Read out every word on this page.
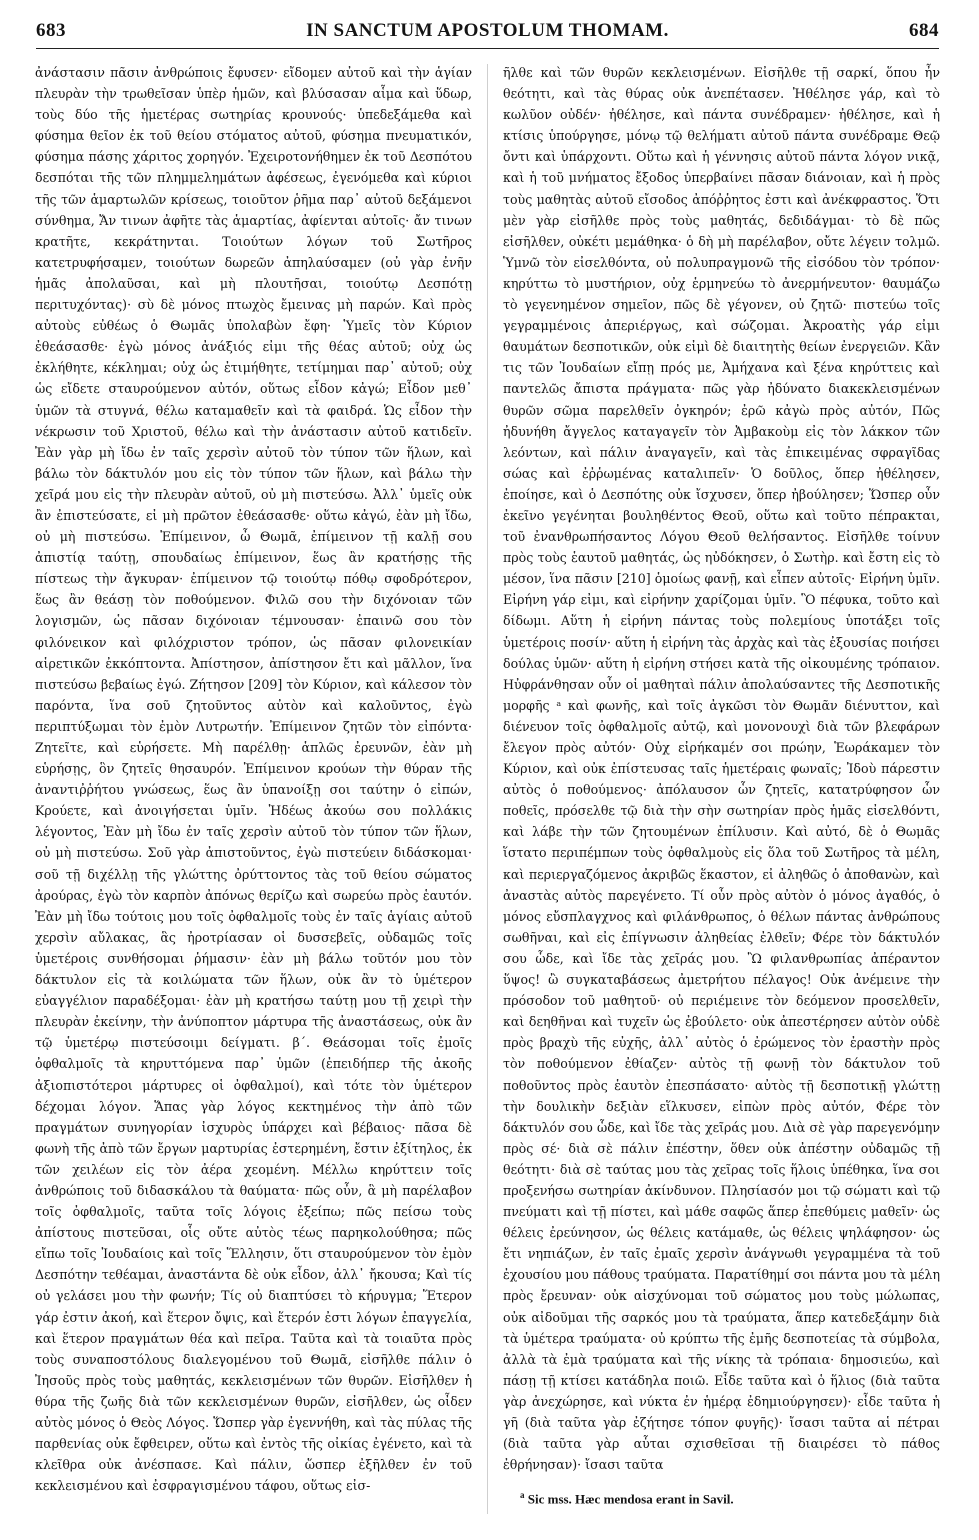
683	IN SANCTUM APOSTOLUM THOMAM.	684

ἀνάστασιν πᾶσιν ἀνθρώποις ἔφυσεν· εἴδομεν αὐτοῦ καὶ τὴν ἁγίαν πλευρὰν τὴν τρωθεῖσαν ὑπὲρ ἡμῶν, καὶ βλύσασαν αἷμα καὶ ὕδωρ, τοὺς δύο τῆς ἡμετέρας σωτηρίας κρουνούς· ὑπεδεξάμεθα καὶ φύσημα θεῖον ἐκ τοῦ θείου στόματος αὐτοῦ, φύσημα πνευματικόν, φύσημα πάσης χάριτος χορηγόν. Ἐχειροτονήθημεν ἐκ τοῦ Δεσπότου δεσπόται τῆς τῶν πλημμελημάτων ἀφέσεως, ἐγενόμεθα καὶ κύριοι τῆς τῶν ἁμαρτωλῶν κρίσεως, τοιοῦτον ῥῆμα παρ᾽ αὐτοῦ δεξάμενοι σύνθημα, Ἄν τινων ἀφῆτε τὰς ἁμαρτίας, ἀφίενται αὐτοῖς· ἄν τινων κρατῆτε, κεκράτηνται. Τοιούτων λόγων τοῦ Σωτῆρος κατετρυφήσαμεν, τοιούτων δωρεῶν ἀπηλαύσαμεν (οὐ γὰρ ἐνῆν ἡμᾶς ἀπολαῦσαι, καὶ μὴ πλουτῆσαι, τοιούτῳ Δεσπότῃ περιτυχόντας)· σὺ δὲ μόνος πτωχὸς ἔμεινας μὴ παρών. Καὶ πρὸς αὐτοὺς εὐθέως ὁ Θωμᾶς ὑπολαβὼν ἔφη· Ὑμεῖς τὸν Κύριον ἐθεάσασθε· ἐγὼ μόνος ἀνάξιός εἰμι τῆς θέας αὐτοῦ; οὐχ ὡς ἐκλήθητε, κέκλημαι; οὐχ ὡς ἐτιμήθητε, τετίμημαι παρ᾽ αὐτοῦ; οὐχ ὡς εἴδετε σταυρούμενον αὐτόν, οὕτως εἶδον κἀγώ; Εἶδον μεθ᾽ ὑμῶν τὰ στυγνά, θέλω καταμαθεῖν καὶ τὰ φαιδρά. Ὡς εἶδον τὴν νέκρωσιν τοῦ Χριστοῦ, θέλω καὶ τὴν ἀνάστασιν αὐτοῦ κατιδεῖν. Ἐὰν γὰρ μὴ ἴδω ἐν ταῖς χερσὶν αὐτοῦ τὸν τύπον τῶν ἥλων, καὶ βάλω τὸν δάκτυλόν μου εἰς τὸν τύπον τῶν ἥλων, καὶ βάλω τὴν χεῖρά μου εἰς τὴν πλευρὰν αὐτοῦ, οὐ μὴ πιστεύσω. Ἀλλ᾽ ὑμεῖς οὐκ ἂν ἐπιστεύσατε, εἰ μὴ πρῶτον ἐθεάσασθε· οὕτω κἀγώ, ἐὰν μὴ ἴδω, οὐ μὴ πιστεύσω. Ἐπίμεινον, ὦ Θωμᾶ, ἐπίμεινον τῇ καλῇ σου ἀπιστίᾳ ταύτῃ, σπουδαίως ἐπίμεινον, ἕως ἂν κρατήσῃς τῆς πίστεως τὴν ἄγκυραν· ἐπίμεινον τῷ τοιούτῳ πόθῳ σφοδρότερον, ἕως ἂν θεάσῃ τὸν ποθούμενον. Φιλῶ σου τὴν διχόνοιαν τῶν λογισμῶν, ὡς πᾶσαν διχόνοιαν τέμνουσαν· ἐπαινῶ σου τὸν φιλόνεικον καὶ φιλόχριστον τρόπον, ὡς πᾶσαν φιλονεικίαν αἱρετικῶν ἐκκόπτοντα. Ἀπίστησον, ἀπίστησον ἔτι καὶ μᾶλλον, ἵνα πιστεύσω βεβαίως ἐγώ. Ζήτησον [209] τὸν Κύριον, καὶ κάλεσον τὸν παρόντα, ἵνα σοῦ ζητοῦντος αὐτὸν καὶ καλοῦντος, ἐγὼ περιπτύξωμαι τὸν ἐμὸν Λυτρωτήν. Ἐπίμεινον ζητῶν τὸν εἰπόντα· Ζητεῖτε, καὶ εὑρήσετε. Μὴ παρέλθῃ· ἁπλῶς ἐρευνῶν, ἐὰν μὴ εὑρήσῃς, ὃν ζητεῖς θησαυρόν. Ἐπίμεινον κρούων τὴν θύραν τῆς ἀναντιῤῥήτου γνώσεως, ἕως ἂν ὑπανοίξῃ σοι ταύτην ὁ εἰπών, Κρούετε, καὶ ἀνοιγήσεται ὑμῖν. Ἠδέως ἀκούω σου πολλάκις λέγοντος, Ἐὰν μὴ ἴδω ἐν ταῖς χερσὶν αὐτοῦ τὸν τύπον τῶν ἥλων, οὐ μὴ πιστεύσω. Σοῦ γὰρ ἀπιστοῦντος, ἐγὼ πιστεύειν διδάσκομαι· σοῦ τῇ διχέλλῃ τῆς γλώττης ὀρύττοντος τὰς τοῦ θείου σώματος ἀρούρας, ἐγὼ τὸν καρπὸν ἀπόνως θερίζω καὶ σωρεύω πρὸς ἑαυτόν. Ἐὰν μὴ ἴδω τούτοις μου τοῖς ὀφθαλμοῖς τοὺς ἐν ταῖς ἁγίαις αὐτοῦ χερσὶν αὔλακας, ἃς ἠροτρίασαν οἱ δυσσεβεῖς, οὐδαμῶς τοῖς ὑμετέροις συνθήσομαι ῥήμασιν· ἐὰν μὴ βάλω τοῦτόν μου τὸν δάκτυλον εἰς τὰ κοιλώματα τῶν ἥλων, οὐκ ἂν τὸ ὑμέτερον εὐαγγέλιον παραδέξομαι· ἐὰν μὴ κρατήσω ταύτῃ μου τῇ χειρὶ τὴν πλευρὰν ἐκείνην, τὴν ἀνύποπτον μάρτυρα τῆς ἀναστάσεως, οὐκ ἂν τῷ ὑμετέρῳ πιστεύσοιμι δείγματι. β´. Θεάσομαι τοῖς ἐμοῖς ὀφθαλμοῖς τὰ κηρυττόμενα παρ᾽ ὑμῶν (ἐπειδήπερ τῆς ἀκοῆς ἀξιοπιστότεροι μάρτυρες οἱ ὀφθαλμοί), καὶ τότε τὸν ὑμέτερον δέχομαι λόγον. Ἅπας γὰρ λόγος κεκτημένος τὴν ἀπὸ τῶν πραγμάτων συνηγορίαν ἰσχυρὸς ὑπάρχει καὶ βέβαιος· πᾶσα δὲ φωνὴ τῆς ἀπὸ τῶν ἔργων μαρτυρίας ἐστερημένη, ἔστιν ἐξίτηλος, ἐκ τῶν χειλέων εἰς τὸν ἀέρα χεομένη. Μέλλω κηρύττειν τοῖς ἀνθρώποις τοῦ διδασκάλου τὰ θαύματα· πῶς οὖν, ἃ μὴ παρέλαβον τοῖς ὀφθαλμοῖς, ταῦτα τοῖς λόγοις ἐξείπω; πῶς πείσω τοὺς ἀπίστους πιστεῦσαι, οἷς οὔτε αὐτὸς τέως παρηκολούθησα; πῶς εἴπω τοῖς Ἰουδαίοις καὶ τοῖς Ἕλλησιν, ὅτι σταυρούμενον τὸν ἐμὸν Δεσπότην τεθέαμαι, ἀναστάντα δὲ οὐκ εἶδον, ἀλλ᾽ ἤκουσα; Καὶ τίς οὐ γελάσει μου τὴν φωνήν; Τίς οὐ διαπτύσει τὸ κήρυγμα; Ἕτερον γάρ ἐστιν ἀκοή, καὶ ἕτερον ὄψις, καὶ ἕτερόν ἐστι λόγων ἐπαγγελία, καὶ ἕτερον πραγμάτων θέα καὶ πεῖρα. Ταῦτα καὶ τὰ τοιαῦτα πρὸς τοὺς συναποστόλους διαλεγομένου τοῦ Θωμᾶ, εἰσῆλθε πάλιν ὁ Ἰησοῦς πρὸς τοὺς μαθητάς, κεκλεισμένων τῶν θυρῶν. Εἰσῆλθεν ἡ θύρα τῆς ζωῆς διὰ τῶν κεκλεισμένων θυρῶν, εἰσῆλθεν, ὡς οἶδεν αὐτὸς μόνος ὁ Θεὸς Λόγος. Ὥσπερ γὰρ ἐγεννήθη, καὶ τὰς πύλας τῆς παρθενίας οὐκ ἔφθειρεν, οὕτω καὶ ἐντὸς τῆς οἰκίας ἐγένετο, καὶ τὰ κλεῖθρα οὐκ ἀνέσπασε. Καὶ πάλιν, ὥσπερ ἐξῆλθεν ἐν τοῦ κεκλεισμένου καὶ ἐσφραγισμένου τάφου, οὕτως εἰσ-

ῆλθε καὶ τῶν θυρῶν κεκλεισμένων. Εἰσῆλθε τῇ σαρκί, ὅπου ἦν θεότητι, καὶ τὰς θύρας οὐκ ἀνεπέτασεν. Ἠθέλησε γάρ, καὶ τὸ κωλῦον οὐδέν· ἠθέλησε, καὶ πάντα συνέδραμεν· ἠθέλησε, καὶ ἡ κτίσις ὑπούργησε, μόνῳ τῷ θελήματι αὐτοῦ πάντα συνέδραμε Θεῷ ὄντι καὶ ὑπάρχοντι. Οὕτω καὶ ἡ γέννησις αὐτοῦ πάντα λόγον νικᾷ, καὶ ἡ τοῦ μνήματος ἔξοδος ὑπερβαίνει πᾶσαν διάνοιαν, καὶ ἡ πρὸς τοὺς μαθητὰς αὐτοῦ εἴσοδος ἀπόῤῥητος ἐστι καὶ ἀνέκφραστος. Ὅτι μὲν γὰρ εἰσῆλθε πρὸς τοὺς μαθητάς, δεδιδάγμαι· τὸ δὲ πῶς εἰσῆλθεν, οὐκέτι μεμάθηκα· ὁ δὴ μὴ παρέλαβον, οὔτε λέγειν τολμῶ. Ὑμνῶ τὸν εἰσελθόντα, οὐ πολυπραγμονῶ τῆς εἰσόδου τὸν τρόπον· κηρύττω τὸ μυστήριον, οὐχ ἑρμηνεύω τὸ ἀνερμήνευτον· θαυμάζω τὸ γεγενημένον σημεῖον, πῶς δὲ γέγονεν, οὐ ζητῶ· πιστεύω τοῖς γεγραμμένοις ἀπεριέργως, καὶ σώζομαι. Ἀκροατὴς γάρ εἰμι θαυμάτων δεσποτικῶν, οὐκ εἰμὶ δὲ διαιτητὴς θείων ἐνεργειῶν. Κἂν τις τῶν Ἰουδαίων εἴπῃ πρός με, Ἀμήχανα καὶ ξένα κηρύττεις καὶ παντελῶς ἄπιστα πράγματα· πῶς γὰρ ἠδύνατο διακεκλεισμένων θυρῶν σῶμα παρελθεῖν ὀγκηρόν; ἐρῶ κἀγὼ πρὸς αὐτόν, Πῶς ἠδυνήθη ἄγγελος καταγαγεῖν τὸν Ἀμβακοὺμ εἰς τὸν λάκκον τῶν λεόντων, καὶ πάλιν ἀναγαγεῖν, καὶ τὰς ἐπικειμένας σφραγῖδας σώας καὶ ἐῤῥωμένας καταλιπεῖν· Ὁ δοῦλος, ὅπερ ἠθέλησεν, ἐποίησε, καὶ ὁ Δεσπότης οὐκ ἴσχυσεν, ὅπερ ἠβούλησεν; Ὥσπερ οὖν ἐκεῖνο γεγένηται βουληθέντος Θεοῦ, οὕτω καὶ τοῦτο πέπρακται, τοῦ ἐνανθρωπήσαντος Λόγου Θεοῦ θελήσαντος. Εἰσῆλθε τοίνυν πρὸς τοὺς ἑαυτοῦ μαθητάς, ὡς ηὐδόκησεν, ὁ Σωτὴρ. καὶ ἔστη εἰς τὸ μέσον, ἵνα πᾶσιν [210] ὁμοίως φανῇ, καὶ εἶπεν αὐτοῖς· Εἰρήνη ὑμῖν. Εἰρήνη γάρ εἰμι, καὶ εἰρήνην χαρίζομαι ὑμῖν. Ὃ πέφυκα, τοῦτο καὶ δίδωμι. Αὕτη ἡ εἰρήνη πάντας τοὺς πολεμίους ὑποτάξει τοῖς ὑμετέροις ποσίν· αὕτη ἡ εἰρήνη τὰς ἀρχὰς καὶ τὰς ἐξουσίας ποιήσει δούλας ὑμῶν· αὕτη ἡ εἰρήνη στήσει κατὰ τῆς οἰκουμένης τρόπαιον. Ηὐφράνθησαν οὖν οἱ μαθηταὶ πάλιν ἀπολαύσαντες τῆς Δεσποτικῆς μορφῆς ᵃ καὶ φωνῆς, καὶ τοῖς ἀγκῶσι τὸν Θωμᾶν διένυττον, καὶ διένευον τοῖς ὀφθαλμοῖς αὐτῷ, καὶ μονονουχὶ διὰ τῶν βλεφάρων ἔλεγον πρὸς αὐτόν· Οὐχ εἰρήκαμέν σοι πρώην, Ἑωράκαμεν τὸν Κύριον, καὶ οὐκ ἐπίστευσας ταῖς ἡμετέραις φωναῖς; Ἰδοὺ πάρεστιν αὐτὸς ὁ ποθούμενος· ἀπόλαυσον ὧν ζητεῖς, κατατρύφησον ὧν ποθεῖς, πρόσελθε τῷ διὰ τὴν σὴν σωτηρίαν πρὸς ἡμᾶς εἰσελθόντι, καὶ λάβε τὴν τῶν ζητουμένων ἐπίλυσιν. Καὶ αὐτό, δὲ ὁ Θωμᾶς ἵστατο περιπέμπων τοὺς ὀφθαλμοὺς εἰς ὅλα τοῦ Σωτῆρος τὰ μέλη, καὶ περιεργαζόμενος ἀκριβῶς ἕκαστον, εἰ ἀληθῶς ὁ ἀποθανὼν, καὶ ἀναστὰς αὐτὸς παρεγένετο. Τί οὖν πρὸς αὐτὸν ὁ μόνος ἀγαθός, ὁ μόνος εὔσπλαγχνος καὶ φιλάνθρωπος, ὁ θέλων πάντας ἀνθρώπους σωθῆναι, καὶ εἰς ἐπίγνωσιν ἀληθείας ἐλθεῖν; Φέρε τὸν δάκτυλόν σου ὧδε, καὶ ἴδε τὰς χεῖράς μου. Ὢ φιλανθρωπίας ἀπέραντον ὕψος! ὢ συγκαταβάσεως ἀμετρήτου πέλαγος! Οὐκ ἀνέμεινε τὴν πρόσοδον τοῦ μαθητοῦ· οὐ περιέμεινε τὸν δεόμενον προσελθεῖν, καὶ δεηθῆναι καὶ τυχεῖν ὡς ἐβούλετο· οὐκ ἀπεστέρησεν αὐτὸν οὐδὲ πρὸς βραχὺ τῆς εὐχῆς, ἀλλ᾽ αὐτὸς ὁ ἐρώμενος τὸν ἐραστὴν πρὸς τὸν ποθούμενον ἐθίαζεν· αὐτὸς τῇ φωνῇ τὸν δάκτυλον τοῦ ποθοῦντος πρὸς ἑαυτὸν ἐπεσπάσατο· αὐτὸς τῇ δεσποτικῇ γλώττῃ τὴν δουλικὴν δεξιὰν εἵλκυσεν, εἰπὼν πρὸς αὐτόν, Φέρε τὸν δάκτυλόν σου ὧδε, καὶ ἴδε τὰς χεῖράς μου. Διὰ σὲ γὰρ παρεγενόμην πρὸς σέ· διὰ σὲ πάλιν ἐπέστην, ὅθεν οὐκ ἀπέστην οὐδαμῶς τῇ θεότητι· διὰ σὲ ταύτας μου τὰς χεῖρας τοῖς ἥλοις ὑπέθηκα, ἵνα σοι προξενήσω σωτηρίαν ἀκίνδυνον. Πλησίασόν μοι τῷ σώματι καὶ τῷ πνεύματι καὶ τῇ πίστει, καὶ μάθε σαφῶς ἅπερ ἐπεθύμεις μαθεῖν· ὡς θέλεις ἐρεύνησον, ὡς θέλεις κατάμαθε, ὡς θέλεις ψηλάφησον· ὡς ἔτι νηπιάζων, ἐν ταῖς ἐμαῖς χερσὶν ἀνάγνωθι γεγραμμένα τὰ τοῦ ἐχουσίου μου πάθους τραύματα. Παρατίθημί σοι πάντα μου τὰ μέλη πρὸς ἔρευναν· οὐκ αἰσχύνομαι τοῦ σώματος μου τοὺς μώλωπας, οὐκ αἰδοῦμαι τῆς σαρκός μου τὰ τραύματα, ἅπερ κατεδεξάμην διὰ τὰ ὑμέτερα τραύματα· οὐ κρύπτω τῆς ἐμῆς δεσποτείας τὰ σύμβολα, ἀλλὰ τὰ ἐμὰ τραύματα καὶ τῆς νίκης τὰ τρόπαια· δημοσιεύω, καὶ πάσῃ τῇ κτίσει κατάδηλα ποιῶ. Εἶδε ταῦτα καὶ ὁ ἥλιος (διὰ ταῦτα γὰρ ἀνεχώρησε, καὶ νύκτα ἐν ἡμέρᾳ ἐδημιούργησεν)· εἶδε ταῦτα ἡ γῆ (διὰ ταῦτα γὰρ ἐζήτησε τόπον φυγῆς)· ἴσασι ταῦτα αἱ πέτραι (διὰ ταῦτα γὰρ αὗται σχισθεῖσαι τῇ διαιρέσει τὸ πάθος ἐθρήνησαν)· ἴσασι ταῦτα

$^a$ Sic mss. Hæc mendosa erant in Savil.
